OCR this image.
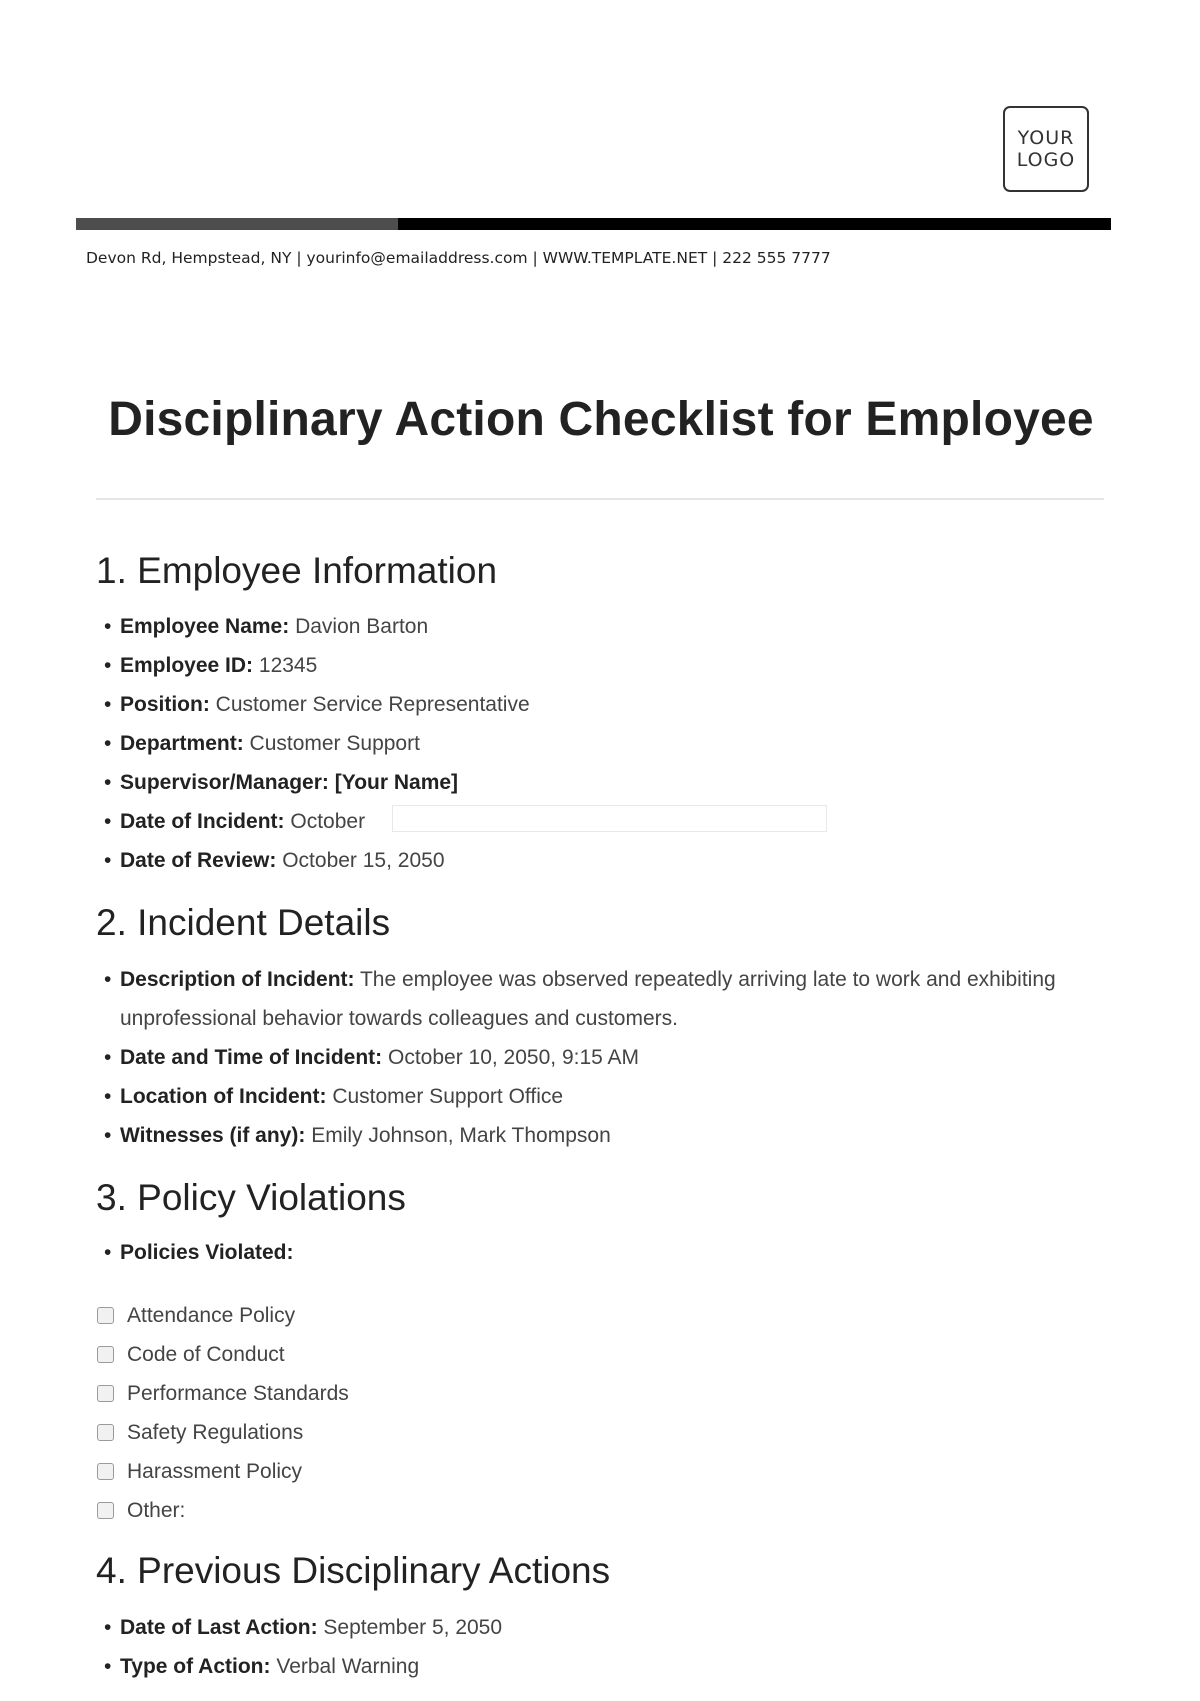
YOUR
LOGO
Devon Rd, Hempstead, NY | yourinfo@emailaddress.com | WWW.TEMPLATE.NET | 222 555 7777
Disciplinary Action Checklist for Employee
1. Employee Information
• Employee Name: Davion Barton
• Employee ID: 12345
• Position: Customer Service Representative
• Department: Customer Support
• Supervisor/Manager: [Your Name]
• Date of Incident: October
• Date of Review: October 15, 2050
2. Incident Details
• Description of Incident: The employee was observed repeatedly arriving late to work and exhibiting unprofessional behavior towards colleagues and customers.
• Date and Time of Incident: October 10, 2050, 9:15 AM
• Location of Incident: Customer Support Office
• Witnesses (if any): Emily Johnson, Mark Thompson
3. Policy Violations
• Policies Violated:
Attendance Policy
Code of Conduct
Performance Standards
Safety Regulations
Harassment Policy
Other:
4. Previous Disciplinary Actions
• Date of Last Action: September 5, 2050
• Type of Action: Verbal Warning
